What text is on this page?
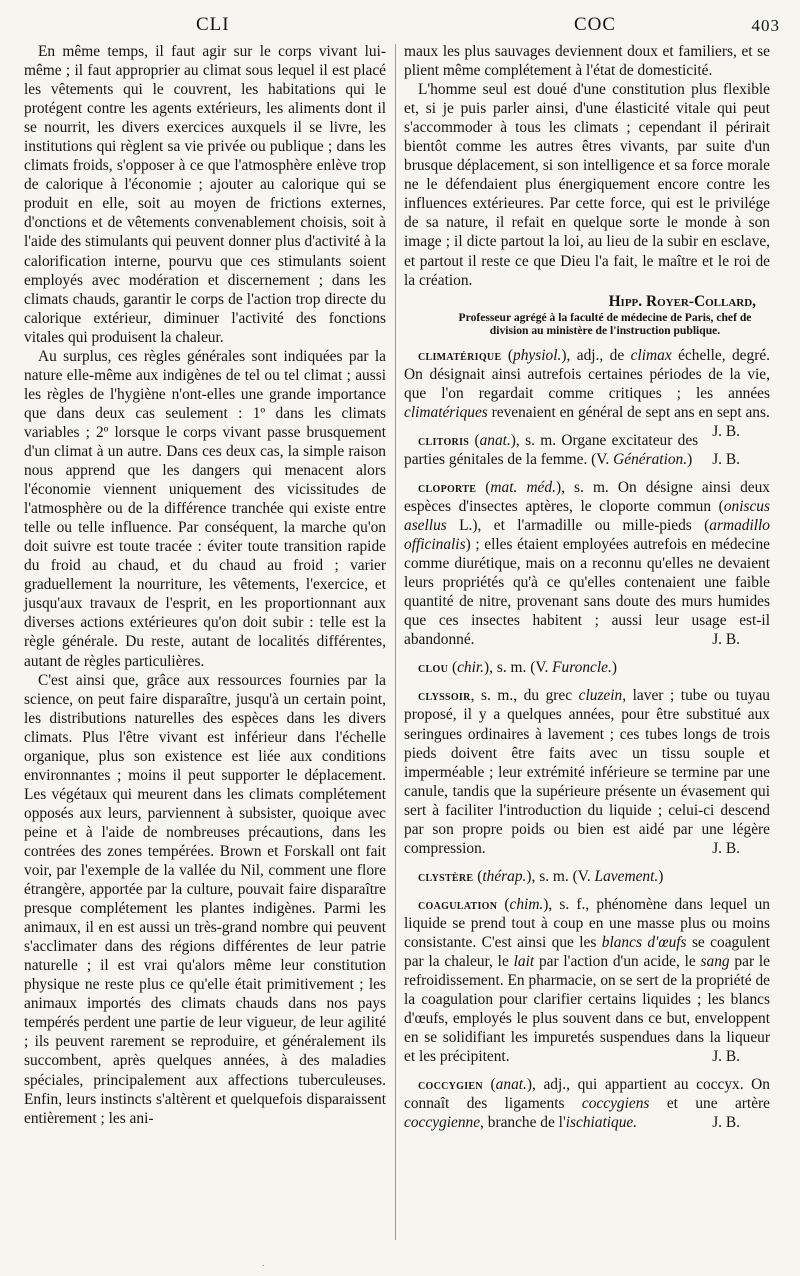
CLI	COC	403

En même temps, il faut agir sur le corps vivant lui-même ; il faut approprier au climat sous lequel il est placé les vêtements qui le couvrent, les habitations qui le protégent contre les agents extérieurs, les aliments dont il se nourrit, les divers exercices auxquels il se livre, les institutions qui règlent sa vie privée ou publique ; dans les climats froids, s'opposer à ce que l'atmosphère enlève trop de calorique à l'économie ; ajouter au calorique qui se produit en elle, soit au moyen de frictions externes, d'onctions et de vêtements convenablement choisis, soit à l'aide des stimulants qui peuvent donner plus d'activité à la calorification interne, pourvu que ces stimulants soient employés avec modération et discernement ; dans les climats chauds, garantir le corps de l'action trop directe du calorique extérieur, diminuer l'activité des fonctions vitales qui produisent la chaleur.

Au surplus, ces règles générales sont indiquées par la nature elle-même aux indigènes de tel ou tel climat ; aussi les règles de l'hygiène n'ont-elles une grande importance que dans deux cas seulement : 1º dans les climats variables ; 2º lorsque le corps vivant passe brusquement d'un climat à un autre. Dans ces deux cas, la simple raison nous apprend que les dangers qui menacent alors l'économie viennent uniquement des vicissitudes de l'atmosphère ou de la différence tranchée qui existe entre telle ou telle influence. Par conséquent, la marche qu'on doit suivre est toute tracée : éviter toute transition rapide du froid au chaud, et du chaud au froid ; varier graduellement la nourriture, les vêtements, l'exercice, et jusqu'aux travaux de l'esprit, en les proportionnant aux diverses actions extérieures qu'on doit subir : telle est la règle générale. Du reste, autant de localités différentes, autant de règles particulières.

C'est ainsi que, grâce aux ressources fournies par la science, on peut faire disparaître, jusqu'à un certain point, les distributions naturelles des espèces dans les divers climats. Plus l'être vivant est inférieur dans l'échelle organique, plus son existence est liée aux conditions environnantes ; moins il peut supporter le déplacement. Les végétaux qui meurent dans les climats complétement opposés aux leurs, parviennent à subsister, quoique avec peine et à l'aide de nombreuses précautions, dans les contrées des zones tempérées. Brown et Forskall ont fait voir, par l'exemple de la vallée du Nil, comment une flore étrangère, apportée par la culture, pouvait faire disparaître presque complétement les plantes indigènes. Parmi les animaux, il en est aussi un très-grand nombre qui peuvent s'acclimater dans des régions différentes de leur patrie naturelle ; il est vrai qu'alors même leur constitution physique ne reste plus ce qu'elle était primitivement ; les animaux importés des climats chauds dans nos pays tempérés perdent une partie de leur vigueur, de leur agilité ; ils peuvent rarement se reproduire, et généralement ils succombent, après quelques années, à des maladies spéciales, principalement aux affections tuberculeuses. Enfin, leurs instincts s'altèrent et quelquefois disparaissent entièrement ; les ani-

maux les plus sauvages deviennent doux et familiers, et se plient même complétement à l'état de domesticité.

L'homme seul est doué d'une constitution plus flexible et, si je puis parler ainsi, d'une élasticité vitale qui peut s'accommoder à tous les climats ; cependant il périrait bientôt comme les autres êtres vivants, par suite d'un brusque déplacement, si son intelligence et sa force morale ne le défendaient plus énergiquement encore contre les influences extérieures. Par cette force, qui est le privilége de sa nature, il refait en quelque sorte le monde à son image ; il dicte partout la loi, au lieu de la subir en esclave, et partout il reste ce que Dieu l'a fait, le maître et le roi de la création.

Hipp. Royer-Collard,
Professeur agrégé à la faculté de médecine de Paris, chef de division au ministère de l'instruction publique.

climatérique (physiol.), adj., de climax échelle, degré. On désignait ainsi autrefois certaines périodes de la vie, que l'on regardait comme critiques ; les années climatériques revenaient en général de sept ans en sept ans.
J. B.

clitoris (anat.), s. m. Organe excitateur des parties génitales de la femme. (V. Génération.)	J. B.

cloporte (mat. méd.), s. m. On désigne ainsi deux espèces d'insectes aptères, le cloporte commun (oniscus asellus L.), et l'armadille ou mille-pieds (armadillo officinalis) ; elles étaient employées autrefois en médecine comme diurétique, mais on a reconnu qu'elles ne devaient leurs propriétés qu'à ce qu'elles contenaient une faible quantité de nitre, provenant sans doute des murs humides que ces insectes habitent ; aussi leur usage est-il abandonné.	J. B.

clou (chir.), s. m. (V. Furoncle.)

clyssoir, s. m., du grec cluzein, laver ; tube ou tuyau proposé, il y a quelques années, pour être substitué aux seringues ordinaires à lavement ; ces tubes longs de trois pieds doivent être faits avec un tissu souple et imperméable ; leur extrémité inférieure se termine par une canule, tandis que la supérieure présente un évasement qui sert à faciliter l'introduction du liquide ; celui-ci descend par son propre poids ou bien est aidé par une légère compression.	J. B.

clystère (thérap.), s. m. (V. Lavement.)

coagulation (chim.), s. f., phénomène dans lequel un liquide se prend tout à coup en une masse plus ou moins consistante. C'est ainsi que les blancs d'œufs se coagulent par la chaleur, le lait par l'action d'un acide, le sang par le refroidissement. En pharmacie, on se sert de la propriété de la coagulation pour clarifier certains liquides ; les blancs d'œufs, employés le plus souvent dans ce but, enveloppent en se solidifiant les impuretés suspendues dans la liqueur et les précipitent.	J. B.

coccygien (anat.), adj., qui appartient au coccyx. On connaît des ligaments coccygiens et une artère coccygienne, branche de l'ischiatique.	J. B.

.
